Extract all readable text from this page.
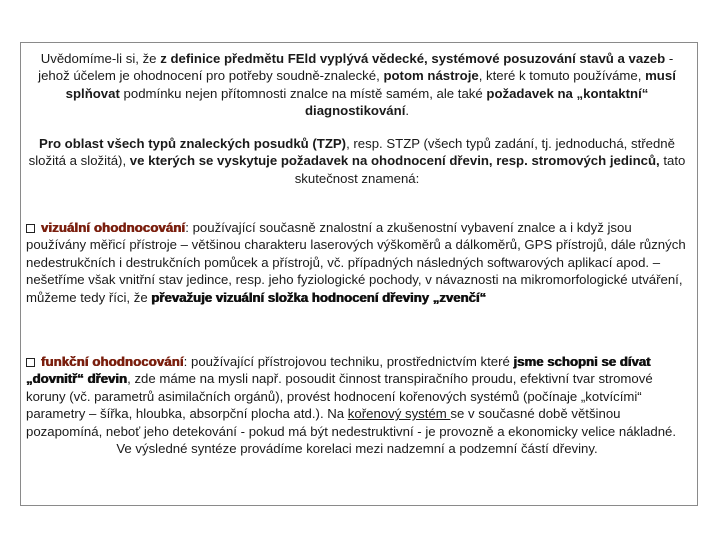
Uvědomíme-li si, že z definice předmětu FEld vyplývá vědecké, systémové posuzování stavů a vazeb - jehož účelem je ohodnocení pro potřeby soudně-znalecké, potom nástroje, které k tomuto používáme, musí splňovat podmínku nejen přítomnosti znalce na místě samém, ale také požadavek na „kontaktní“ diagnostikování.
Pro oblast všech typů znaleckých posudků (TZP), resp. STZP (všech typů zadání, tj. jednoduchá, středně složitá a složitá), ve kterých se vyskytuje požadavek na ohodnocení dřevin, resp. stromových jedinců, tato skutečnost znamená:
vizuální ohodnocování: používající současně znalostní a zkušenostní vybavení znalce a i když jsou používány měřicí přístroje – většinou charakteru laserových výškoměrů a dálkoměrů, GPS přístrojů, dále různých nedestrukčních i destrukčních pomůcek a přístrojů, vč. případných následných softwarových aplikací apod. – nešetříme však vnitřní stav jedince, resp. jeho fyziologické pochody, v návaznosti na mikromorfologické utváření, můžeme tedy říci, že převažuje vizuální složka hodnocení dřeviny „zvenčí“
funkční ohodnocování: používající přístrojovou techniku, prostřednictvím které jsme schopni se dívat „dovnitř“ dřevin, zde máme na mysli např. posoudit činnost transpiračního proudu, efektivní tvar stromové koruny (vč. parametrů asimilačních orgánů), provést hodnocení kořenových systémů (počínaje „kotvícími“ parametry – šířka, hloubka, absorpční plocha atd.). Na kořenový systém se v současné době většinou pozapomíná, neboť jeho detekování - pokud má být nedestruktivní - je provozně a ekonomicky velice nákladné.
Ve výsledné syntéze provádíme korelaci mezi nadzemní a podzemní částí dřeviny.
